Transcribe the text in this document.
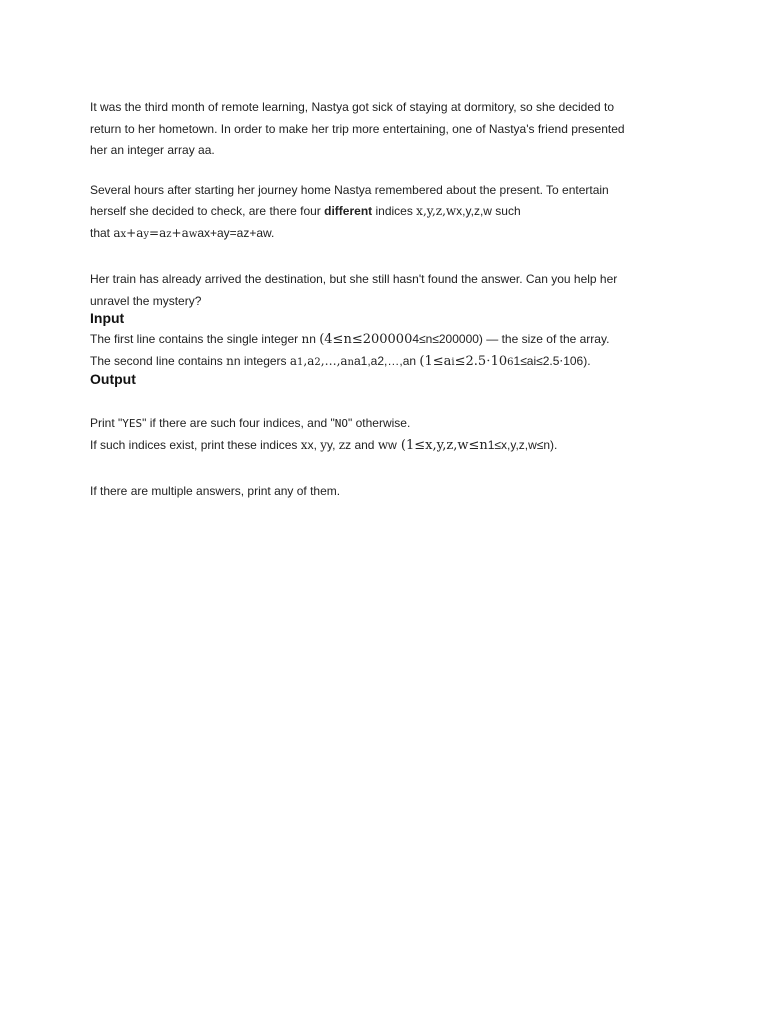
It was the third month of remote learning, Nastya got sick of staying at dormitory, so she decided to
return to her hometown. In order to make her trip more entertaining, one of Nastya's friend presented
her an integer array aa.
Several hours after starting her journey home Nastya remembered about the present. To entertain
herself she decided to check, are there four different indices x,y,z,wx,y,z,w such
that ax+ay=az+awax+ay=az+aw.
Her train has already arrived the destination, but she still hasn't found the answer. Can you help her
unravel the mystery?
Input
The first line contains the single integer nn (4≤n≤2000004≤n≤200000) — the size of the array.
The second line contains nn integers a1,a2,…,ana1,a2,…,an (1≤ai≤2.5⋅1061≤ai≤2.5⋅106).
Output
Print "YES" if there are such four indices, and "NO" otherwise.
If such indices exist, print these indices xx, yy, zz and ww (1≤x,y,z,w≤n1≤x,y,z,w≤n).
If there are multiple answers, print any of them.
